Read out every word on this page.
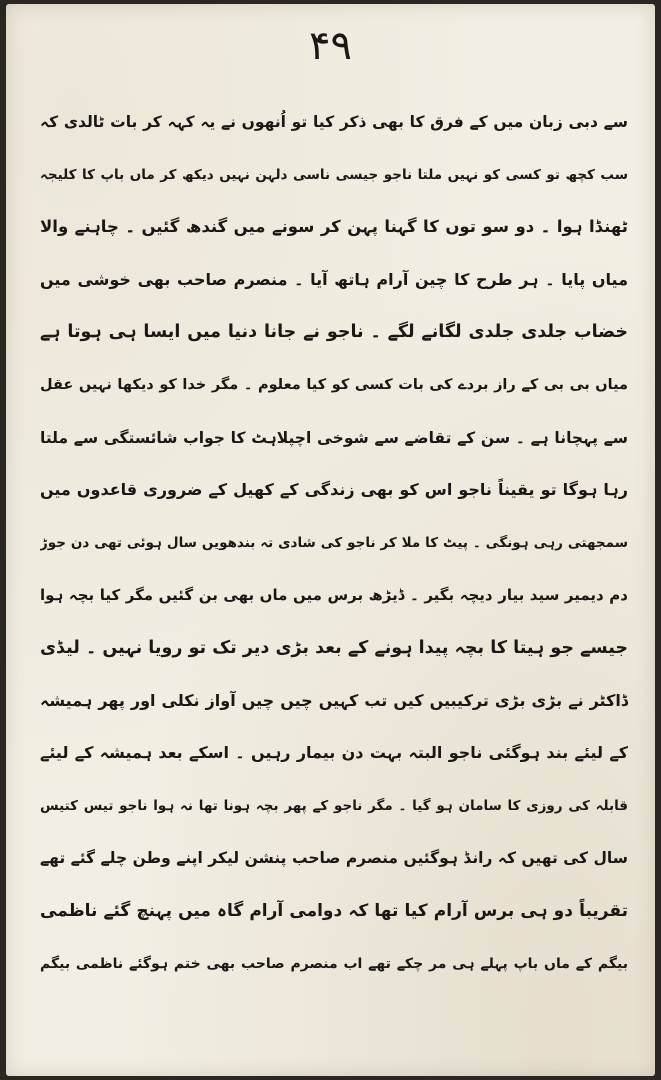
۴۹
سے دبی زبان میں کے فرق کا بھی ذکر کیا تو اُنھوں نے یہ کہہ کر بات ٹالدی کہ
سب کچھ تو کسی کو نہیں ملتا ناجو جیسی ناسی دلہن نہیں دیکھ کر ماں باپ کا کلیجہ
ٹھنڈا ہوا ۔ دو سو توں کا گہنا پہن کر سونے میں گندھ گئیں ۔ چاہنے والا
میاں پایا ۔ ہر طرح کا چین آرام ہاتھ آیا ۔ منصرم صاحب بھی خوشی میں
خضاب جلدی جلدی لگانے لگے ۔ ناجو نے جانا دنیا میں ایسا ہی ہوتا ہے
میاں بی بی کے راز بردے کی بات کسی کو کیا معلوم ۔ مگر خدا کو دیکھا نہیں عقل
سے پہچانا ہے ۔ سن کے تقاضے سے شوخی اچپلاہٹ کا جواب شائستگی سے ملتا
رہا ہوگا تو یقیناً ناجو اس کو بھی زندگی کے کھیل کے ضروری قاعدوں میں
سمجھتی رہی ہونگی ۔ پیٹ کا ملا کر ناجو کی شادی تہ بندھویں سال ہوئی تھی دن جوڑ
دم دیمیر سید بیار دیچہ بگیر ۔ ڈیڑھ برس میں ماں بھی بن گئیں مگر کیا بچہ ہوا
جیسے جو ہیتا کا بچہ پیدا ہونے کے بعد بڑی دیر تک تو رویا نہیں ۔ لیڈی
ڈاکٹر نے بڑی بڑی ترکیبیں کیں تب کہیں چیں چیں آواز نکلی اور پھر ہمیشہ
کے لیئے بند ہوگئی ناجو البتہ بہت دن بیمار رہیں ۔ اسکے بعد ہمیشہ کے لیئے
قابلہ کی روزی کا سامان ہو گیا ۔ مگر ناجو کے پھر بچہ ہونا تھا نہ ہوا ناجو تیس کتیس
سال کی تھیں کہ رانڈ ہوگئیں منصرم صاحب پنشن لیکر اپنے وطن چلے گئے تھے
تقریباً دو ہی برس آرام کیا تھا کہ دوامی آرام گاہ میں پہنچ گئے ناظمی
بیگم کے ماں باپ پہلے ہی مر چکے تھے اب منصرم صاحب بھی ختم ہوگئے ناظمی بیگم
